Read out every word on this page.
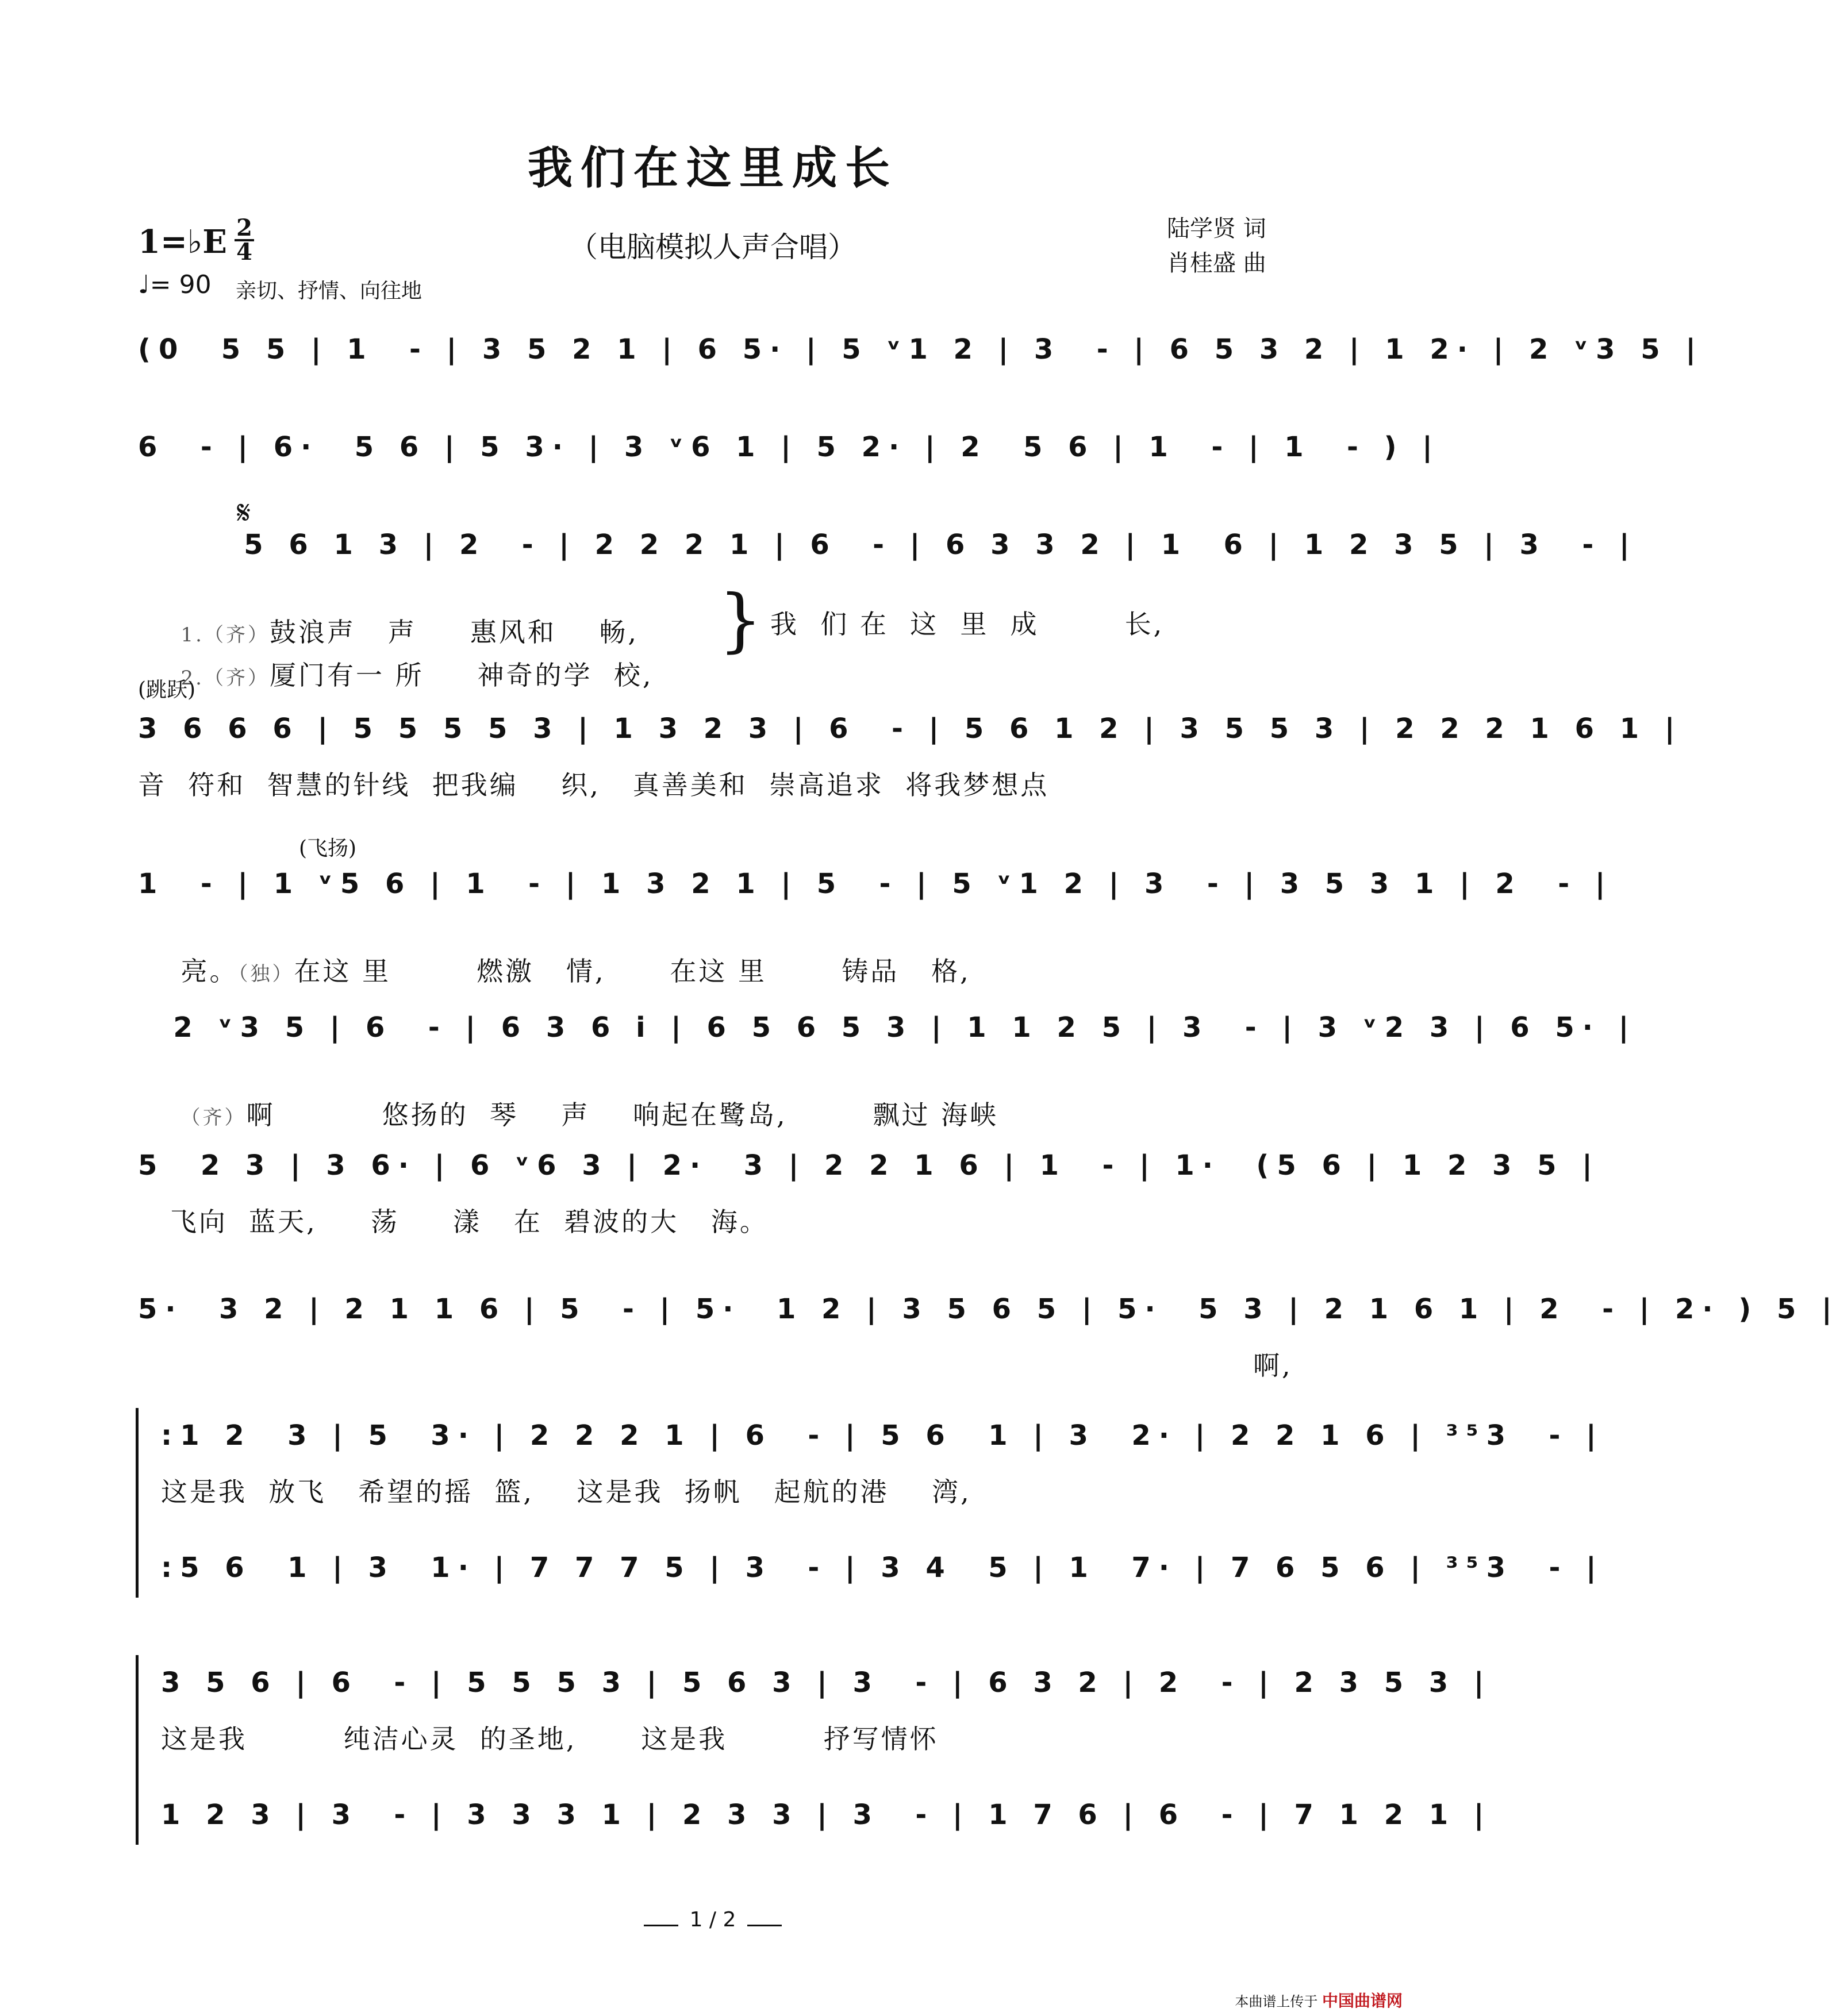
我们在这里成长
（电脑模拟人声合唱）
陆学贤 词
肖桂盛 曲
1=♭E 2
4
♩= 90 亲切、抒情、向往地
(0  5 5 | 1  - | 3 5 2 1 | 6 5· | 5 ᵛ1 2 | 3  - | 6 5 3 2 | 1 2· | 2 ᵛ3 5 |
6  - | 6·  5 6 | 5 3· | 3 ᵛ6 1 | 5 2· | 2  5 6 | 1  - | 1  - ) |
𝄋
5 6 1 3 | 2  - | 2 2 2 1 | 6  - | 6 3 3 2 | 1  6 | 1 2 3 5 | 3  - |

1.（齐）鼓浪声   声     惠风和    畅,

2.（齐）厦门有一 所     神奇的学  校,

} 我  们 在  这  里  成        长,
(跳跃)
3 6 6 6 | 5 5 5 5 3 | 1 3 2 3 | 6  - | 5 6 1 2 | 3 5 5 3 | 2 2 2 1 6 1 |
音  符和  智慧的针线  把我编    织,   真善美和  崇高追求  将我梦想点
(飞扬)
1  - | 1 ᵛ5 6 | 1  - | 1 3 2 1 | 5  - | 5 ᵛ1 2 | 3  - | 3 5 3 1 | 2  - |

亮。（独）在这 里        燃激   情,      在这 里       铸品   格,

2 ᵛ3 5 | 6  - | 6 3 6 i | 6 5 6 5 3 | 1 1 2 5 | 3  - | 3 ᵛ2 3 | 6 5· |

（齐）啊          悠扬的  琴    声    响起在鹭岛,        飘过 海峡

5  2 3 | 3 6· | 6 ᵛ6 3 | 2·  3 | 2 2 1 6 | 1  - | 1·  (5 6 | 1 2 3 5 |
飞向  蓝天,     荡     漾   在  碧波的大   海。
5·  3 2 | 2 1 1 6 | 5  - | 5·  1 2 | 3 5 6 5 | 5·  5 3 | 2 1 6 1 | 2  - | 2· ) 5 |
啊,
:1 2  3 | 5  3· | 2 2 2 1 | 6  - | 5 6  1 | 3  2· | 2 2 1 6 | ³⁵3  - |
这是我  放飞   希望的摇  篮,    这是我  扬帆   起航的港    湾,
:5 6  1 | 3  1· | 7 7 7 5 | 3  - | 3 4  5 | 1  7· | 7 6 5 6 | ³⁵3  - |
3 5 6 | 6  - | 5 5 5 3 | 5 6 3 | 3  - | 6 3 2 | 2  - | 2 3 5 3 |
这是我         纯洁心灵  的圣地,      这是我         抒写情怀
1 2 3 | 3  - | 3 3 3 1 | 2 3 3 | 3  - | 1 7 6 | 6  - | 7 1 2 1 |
1 / 2
本曲谱上传于 中国曲谱网
